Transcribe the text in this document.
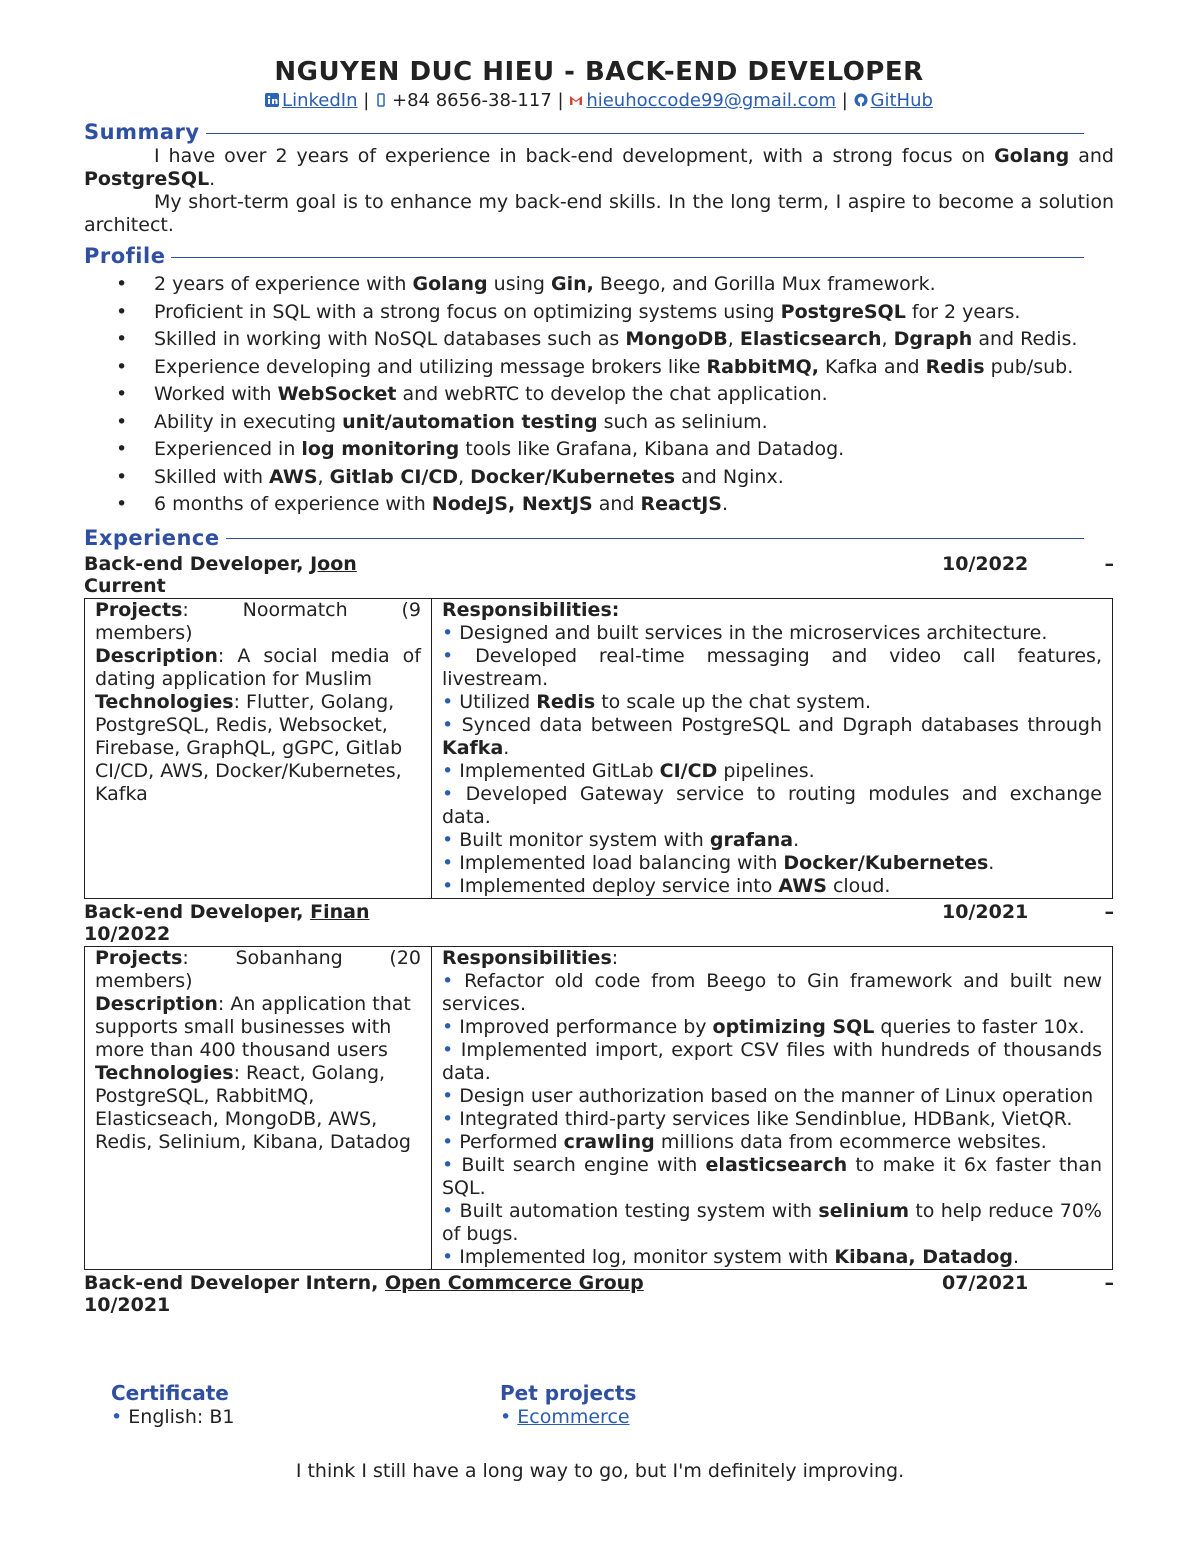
NGUYEN DUC HIEU - BACK-END DEVELOPER
LinkedIn | +84 8656-38-117 | hieuhoccode99@gmail.com | GitHub
Summary

I have over 2 years of experience in back-end development, with a strong focus on Golang and PostgreSQL.

My short-term goal is to enhance my back-end skills. In the long term, I aspire to become a solution architect.

Profile
• 2 years of experience with Golang using Gin, Beego, and Gorilla Mux framework.
• Proficient in SQL with a strong focus on optimizing systems using PostgreSQL for 2 years.
• Skilled in working with NoSQL databases such as MongoDB, Elasticsearch, Dgraph and Redis.
• Experience developing and utilizing message brokers like RabbitMQ, Kafka and Redis pub/sub.
• Worked with WebSocket and webRTC to develop the chat application.
• Ability in executing unit/automation testing such as selinium.
• Experienced in log monitoring tools like Grafana, Kibana and Datadog.
• Skilled with AWS, Gitlab CI/CD, Docker/Kubernetes and Nginx.
• 6 months of experience with NodeJS, NextJS and ReactJS.
Experience
Back-end Developer, Joon	10/2022	–
Current
Projects:	Noormatch	(9
members)
Description: A social media of dating application for Muslim
Technologies: Flutter, Golang, PostgreSQL, Redis, Websocket, Firebase, GraphQL, gGPC, Gitlab CI/CD, AWS, Docker/Kubernetes, Kafka
	Responsibilities:

• Designed and built services in the microservices architecture.

• Developed real-time messaging and video call features, livestream.

• Utilized Redis to scale up the chat system.

• Synced data between PostgreSQL and Dgraph databases through Kafka.

• Implemented GitLab CI/CD pipelines.

• Developed Gateway service to routing modules and exchange data.

• Built monitor system with grafana.

• Implemented load balancing with Docker/Kubernetes.

• Implemented deploy service into AWS cloud.

Back-end Developer, Finan	10/2021	–
10/2022
Projects: Sobanhang (20
members)
Description: An application that supports small businesses with more than 400 thousand users
Technologies: React, Golang, PostgreSQL, RabbitMQ, Elasticseach, MongoDB, AWS, Redis, Selinium, Kibana, Datadog
	Responsibilities:

• Refactor old code from Beego to Gin framework and built new services.

• Improved performance by optimizing SQL queries to faster 10x.

• Implemented import, export CSV files with hundreds of thousands data.

• Design user authorization based on the manner of Linux operation

• Integrated third-party services like Sendinblue, HDBank, VietQR.

• Performed crawling millions data from ecommerce websites.

• Built search engine with elasticsearch to make it 6x faster than SQL.

• Built automation testing system with selinium to help reduce 70% of bugs.

• Implemented log, monitor system with Kibana, Datadog.

Back-end Developer Intern, Open Commcerce Group	07/2021	–
10/2021
Certificate
• English: B1
Pet projects
• Ecommerce
I think I still have a long way to go, but I'm definitely improving.
